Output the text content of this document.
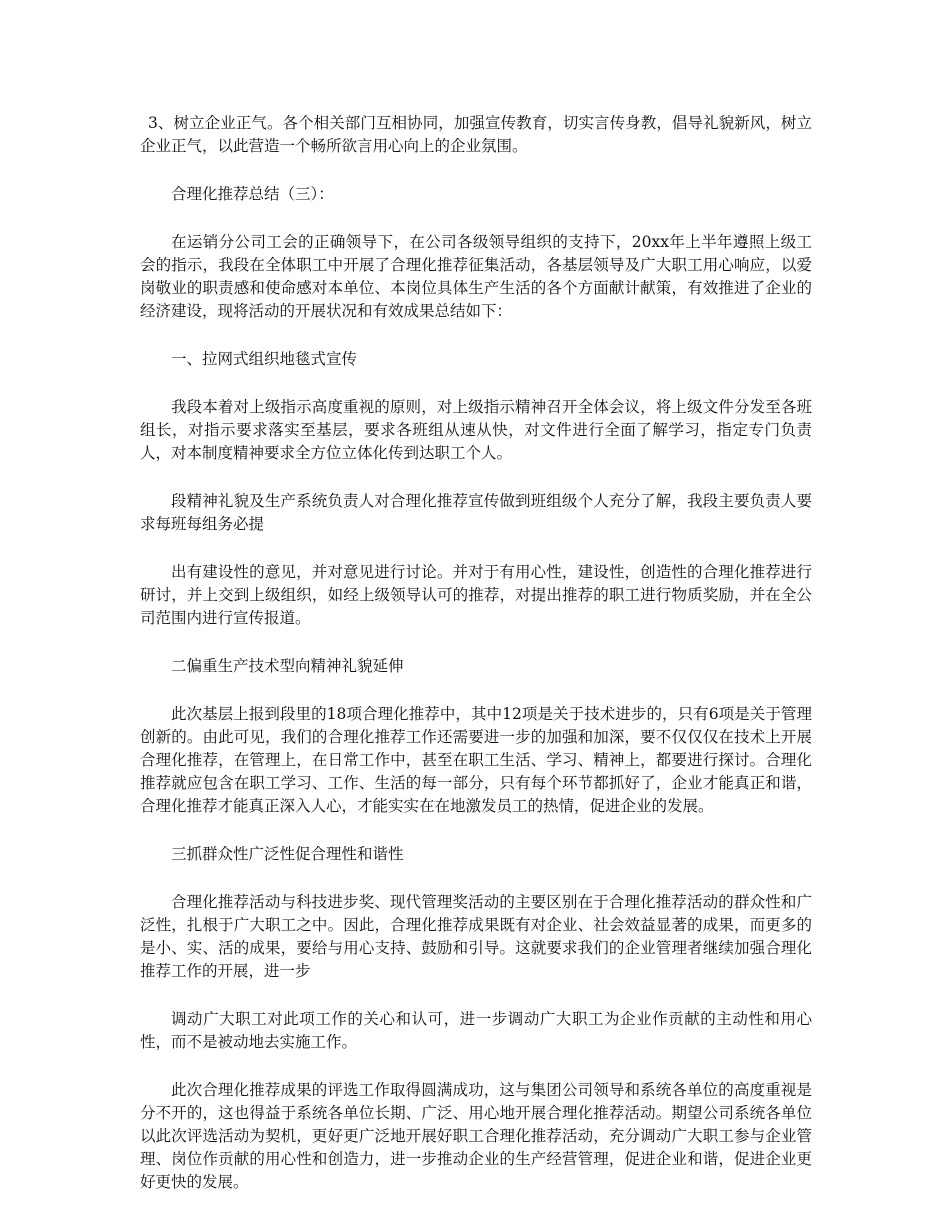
3、树立企业正气。各个相关部门互相协同，加强宣传教育，切实言传身教，倡导礼貌新风，树立企业正气，以此营造一个畅所欲言用心向上的企业氛围。

合理化推荐总结（三）：

在运销分公司工会的正确领导下，在公司各级领导组织的支持下，20xx年上半年遵照上级工会的指示，我段在全体职工中开展了合理化推荐征集活动，各基层领导及广大职工用心响应，以爱岗敬业的职责感和使命感对本单位、本岗位具体生产生活的各个方面献计献策，有效推进了企业的经济建设，现将活动的开展状况和有效成果总结如下：

一、拉网式组织地毯式宣传

我段本着对上级指示高度重视的原则，对上级指示精神召开全体会议，将上级文件分发至各班组长，对指示要求落实至基层，要求各班组从速从快，对文件进行全面了解学习，指定专门负责人，对本制度精神要求全方位立体化传到达职工个人。

段精神礼貌及生产系统负责人对合理化推荐宣传做到班组级个人充分了解，我段主要负责人要求每班每组务必提

出有建设性的意见，并对意见进行讨论。并对于有用心性，建设性，创造性的合理化推荐进行研讨，并上交到上级组织，如经上级领导认可的推荐，对提出推荐的职工进行物质奖励，并在全公司范围内进行宣传报道。

二偏重生产技术型向精神礼貌延伸

此次基层上报到段里的18项合理化推荐中，其中12项是关于技术进步的，只有6项是关于管理创新的。由此可见，我们的合理化推荐工作还需要进一步的加强和加深，要不仅仅仅在技术上开展合理化推荐，在管理上，在日常工作中，甚至在职工生活、学习、精神上，都要进行探讨。合理化推荐就应包含在职工学习、工作、生活的每一部分，只有每个环节都抓好了，企业才能真正和谐，合理化推荐才能真正深入人心，才能实实在在地激发员工的热情，促进企业的发展。

三抓群众性广泛性促合理性和谐性

合理化推荐活动与科技进步奖、现代管理奖活动的主要区别在于合理化推荐活动的群众性和广泛性，扎根于广大职工之中。因此，合理化推荐成果既有对企业、社会效益显著的成果，而更多的是小、实、活的成果，要给与用心支持、鼓励和引导。这就要求我们的企业管理者继续加强合理化推荐工作的开展，进一步

调动广大职工对此项工作的关心和认可，进一步调动广大职工为企业作贡献的主动性和用心性，而不是被动地去实施工作。

此次合理化推荐成果的评选工作取得圆满成功，这与集团公司领导和系统各单位的高度重视是分不开的，这也得益于系统各单位长期、广泛、用心地开展合理化推荐活动。期望公司系统各单位以此次评选活动为契机，更好更广泛地开展好职工合理化推荐活动，充分调动广大职工参与企业管理、岗位作贡献的用心性和创造力，进一步推动企业的生产经营管理，促进企业和谐，促进企业更好更快的发展。
